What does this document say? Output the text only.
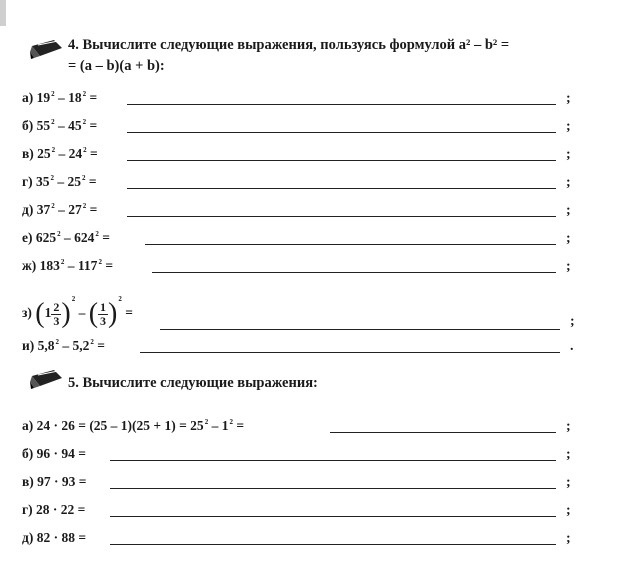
4. Вычислите следующие выражения, пользуясь формулой a² – b² =
= (a – b)(a + b):
а) $19^2 - 18^2$ =	;
б) $55^2 - 45^2$ =	;
в) $25^2 - 24^2$ =	;
г) $35^2 - 25^2$ =	;
д) $37^2 - 27^2$ =	;
е) $625^2 - 624^2$ =	;
ж) $183^2 - 117^2$ =	;
з) $(1 \frac{2}{3} )^2$ – ( $\frac{1}{3} )^2$ =
;
и) $5,8^2 - 5,2^2$ =	.
5. Вычислите следующие выражения:
а) $24 \cdot 26 = (25 - 1)(25 + 1) = 25^2 - 1^2$ =	;
б) 96 · 94 =	;
в) 97 · 93 =	;
г) 28 · 22 =	;
д) 82 · 88 =	;
